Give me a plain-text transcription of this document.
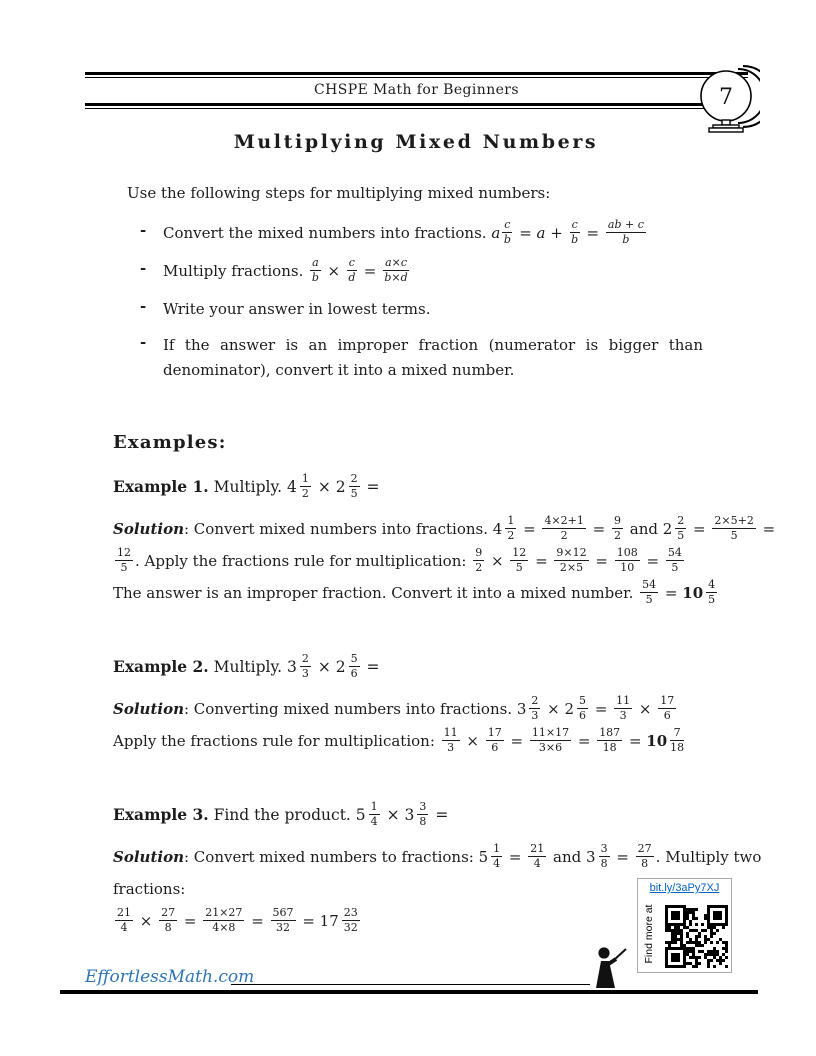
CHSPE Math for Beginners	7
Multiplying Mixed Numbers
Use the following steps for multiplying mixed numbers:
-	Convert the mixed numbers into fractions. a $\frac{c}{b} = a + \frac{c}{b} = \frac{ab + c}{b}$
-	Multiply fractions. $\frac{a}{b} \times \frac{c}{d} = \frac{a\times c}{b\times d}$
-	Write your answer in lowest terms.
-	If the answer is an improper fraction (numerator is bigger than denominator), convert it into a mixed number.
Examples:
Example 1. Multiply. $4 \frac{1}{2} \times 2 \frac{2}{5}$ =
Solution: Convert mixed numbers into fractions. $4 \frac{1}{2} = \frac{4\times 2+1}{2} = \frac{9}{2}$ and $2 \frac{2}{5} = \frac{2\times 5+2}{5}$ =
$\frac{12}{5}$ . Apply the fractions rule for multiplication: $\frac{9}{2} \times \frac{12}{5} = \frac{9\times 12}{2\times 5} = \frac{108}{10} = \frac{54}{5}$
The answer is an improper fraction. Convert it into a mixed number. $\frac{54}{5} = 10 \frac{4}{5}$
Example 2. Multiply. $3 \frac{2}{3} \times 2 \frac{5}{6}$ =
Solution: Converting mixed numbers into fractions. $3 \frac{2}{3} \times 2 \frac{5}{6} = \frac{11}{3} \times \frac{17}{6}$
Apply the fractions rule for multiplication: $\frac{11}{3} \times \frac{17}{6} = \frac{11\times 17}{3\times 6} = \frac{187}{18} = 10 \frac{7}{18}$
Example 3. Find the product. $5 \frac{1}{4} \times 3 \frac{3}{8}$ =
Solution: Convert mixed numbers to fractions: $5 \frac{1}{4} = \frac{21}{4}$ and $3 \frac{3}{8} = \frac{27}{8}$ . Multiply two
fractions:
$\frac{21}{4} \times \frac{27}{8} = \frac{21\times 27}{4\times 8} = \frac{567}{32} = 17 \frac{23}{32}$
EffortlessMath.com
bit.ly/3aPy7XJ
Find more at
